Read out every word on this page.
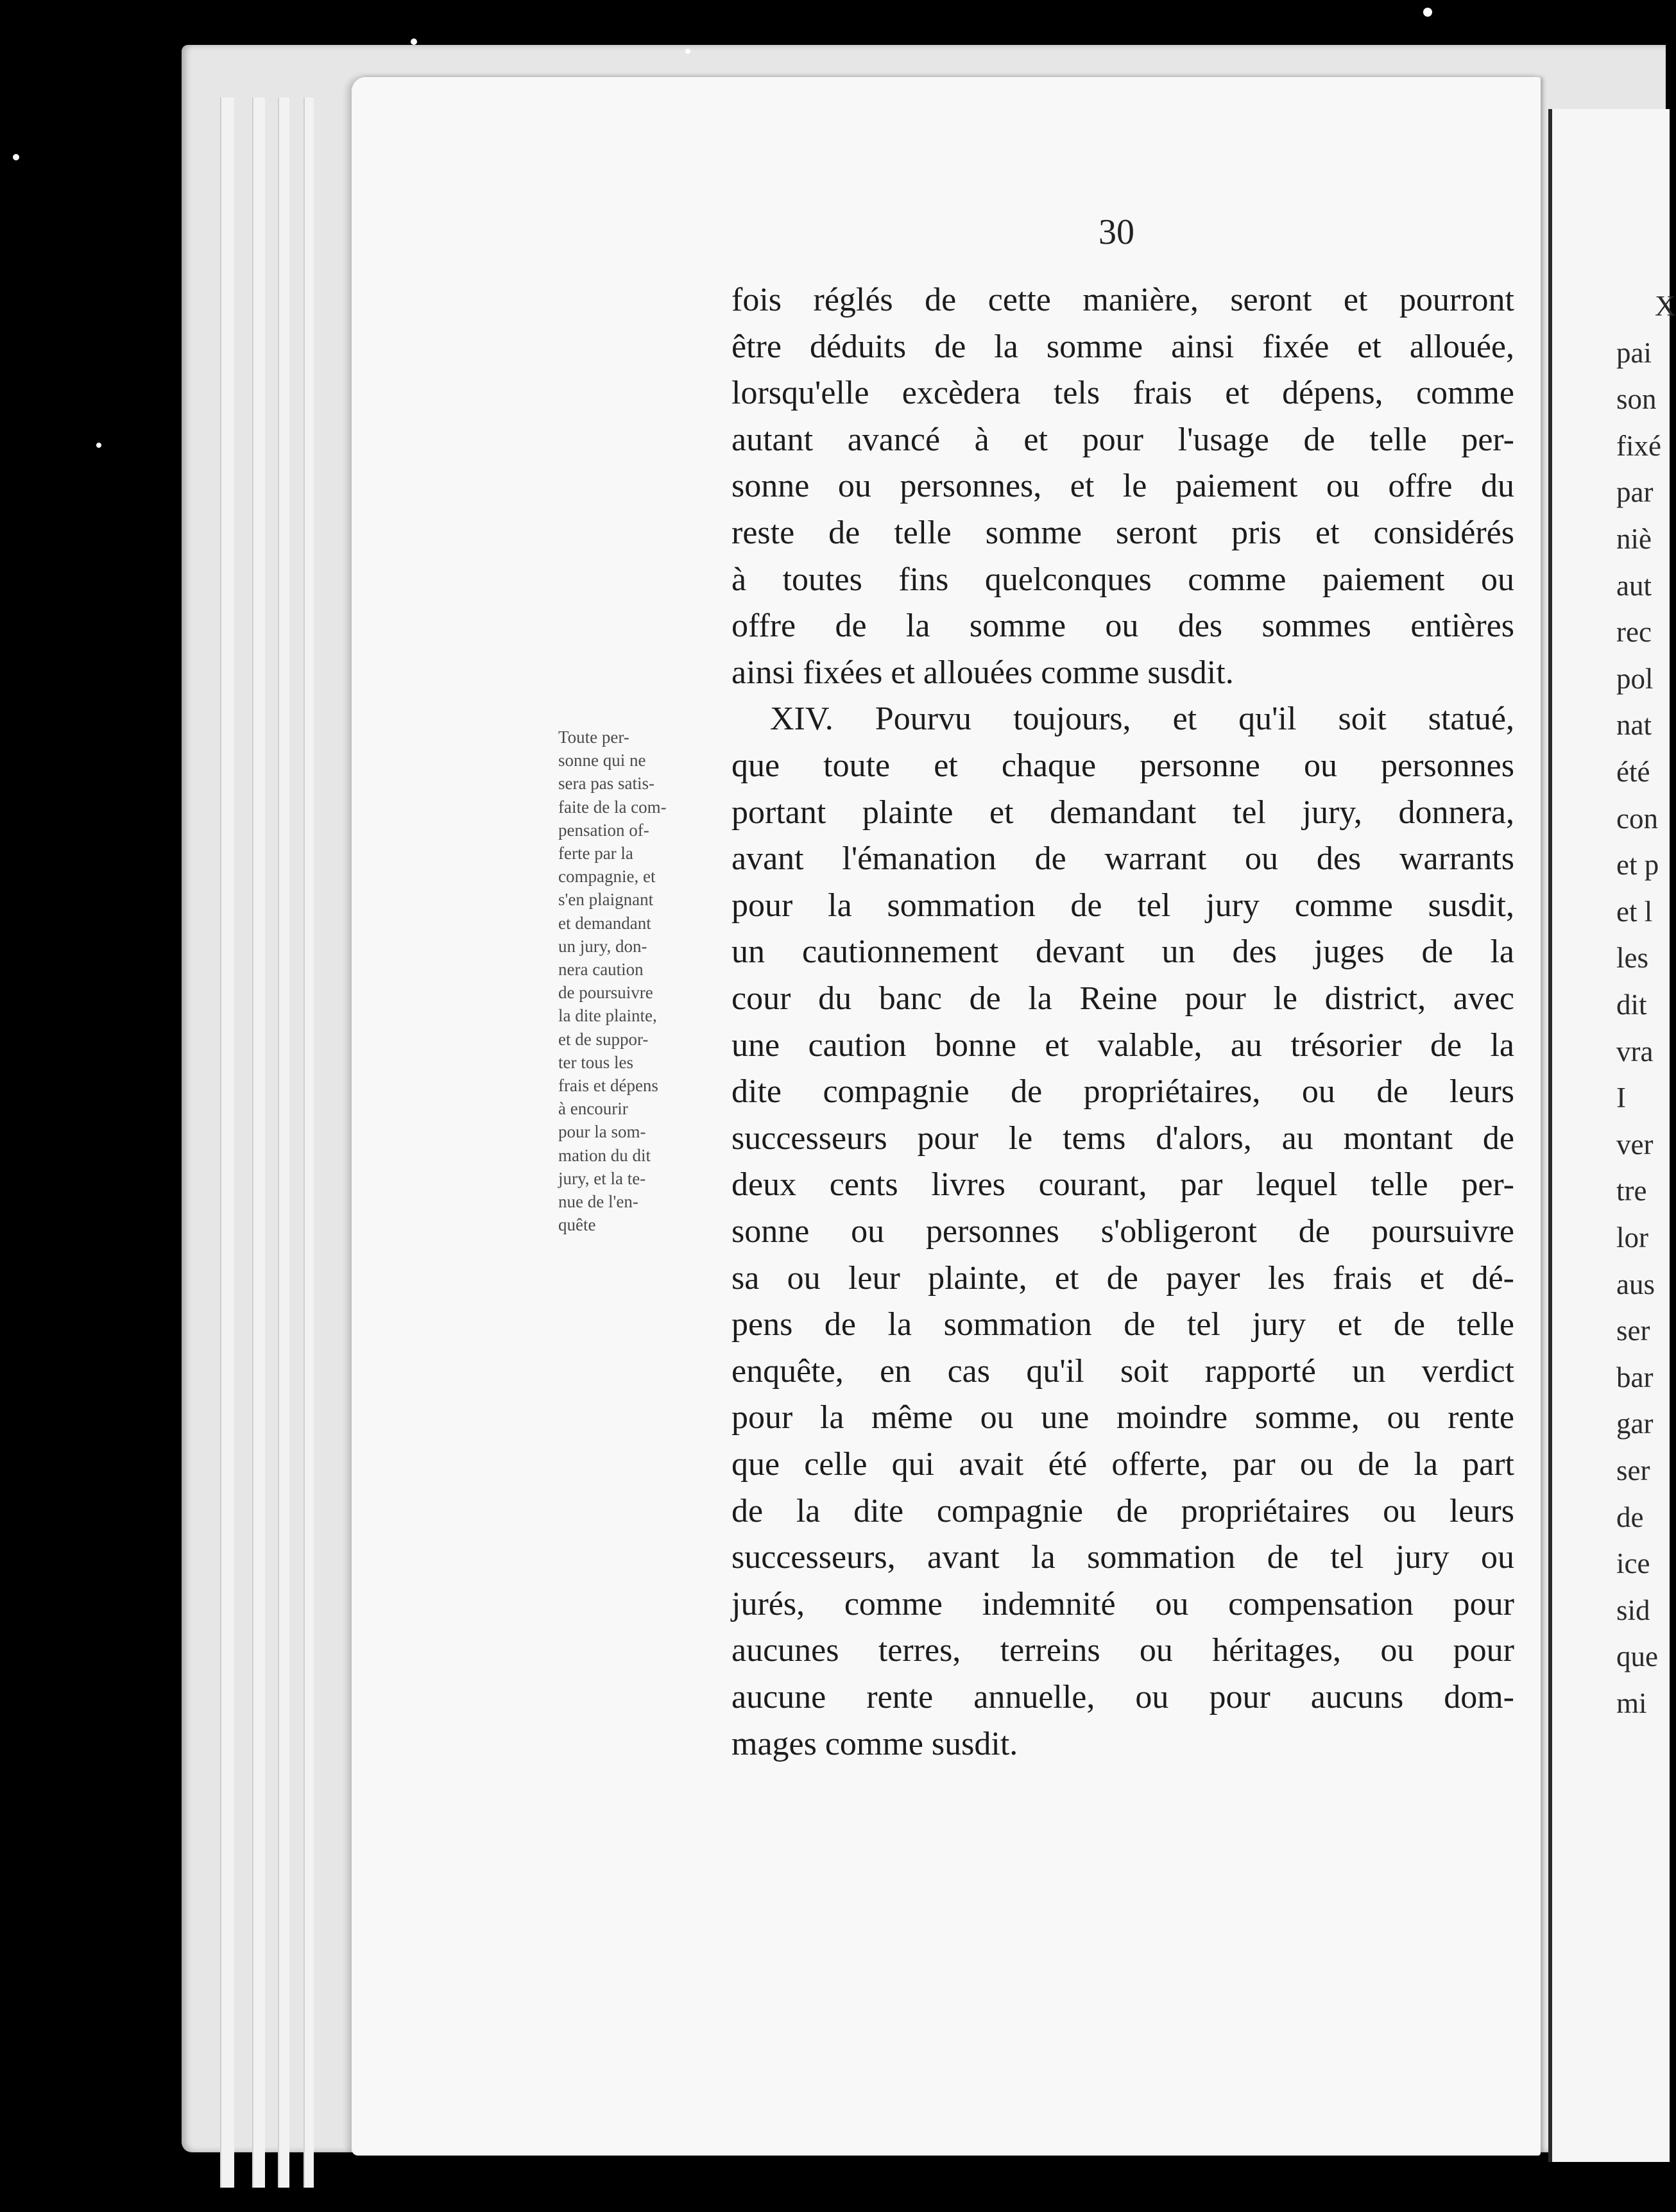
X
pai
son
fixé
par
niè
aut
rec
pol
nat
été
con
et p
et l
les
dit
vra
I
ver
tre
lor
aus
ser
bar
gar
ser
de
ice
sid
que
mi
30
fois réglés de cette manière, seront et pourront
être déduits de la somme ainsi fixée et allouée,
lorsqu'elle excèdera tels frais et dépens, comme
autant avancé à et pour l'usage de telle per-
sonne ou personnes, et le paiement ou offre du
reste de telle somme seront pris et considérés
à toutes fins quelconques comme paiement ou
offre de la somme ou des sommes entières
ainsi fixées et allouées comme susdit.
XIV. Pourvu toujours, et qu'il soit statué,
que toute et chaque personne ou personnes
portant plainte et demandant tel jury, donnera,
avant l'émanation de warrant ou des warrants
pour la sommation de tel jury comme susdit,
un cautionnement devant un des juges de la
cour du banc de la Reine pour le district, avec
une caution bonne et valable, au trésorier de la
dite compagnie de propriétaires, ou de leurs
successeurs pour le tems d'alors, au montant de
deux cents livres courant, par lequel telle per-
sonne ou personnes s'obligeront de poursuivre
sa ou leur plainte, et de payer les frais et dé-
pens de la sommation de tel jury et de telle
enquête, en cas qu'il soit rapporté un verdict
pour la même ou une moindre somme, ou rente
que celle qui avait été offerte, par ou de la part
de la dite compagnie de propriétaires ou leurs
successeurs, avant la sommation de tel jury ou
jurés, comme indemnité ou compensation pour
aucunes terres, terreins ou héritages, ou pour
aucune rente annuelle, ou pour aucuns dom-
mages comme susdit.
Toute per-
sonne qui ne
sera pas satis-
faite de la com-
pensation of-
ferte par la
compagnie, et
s'en plaignant
et demandant
un jury, don-
nera caution
de poursuivre
la dite plainte,
et de suppor-
ter tous les
frais et dépens
à encourir
pour la som-
mation du dit
jury, et la te-
nue de l'en-
quête
